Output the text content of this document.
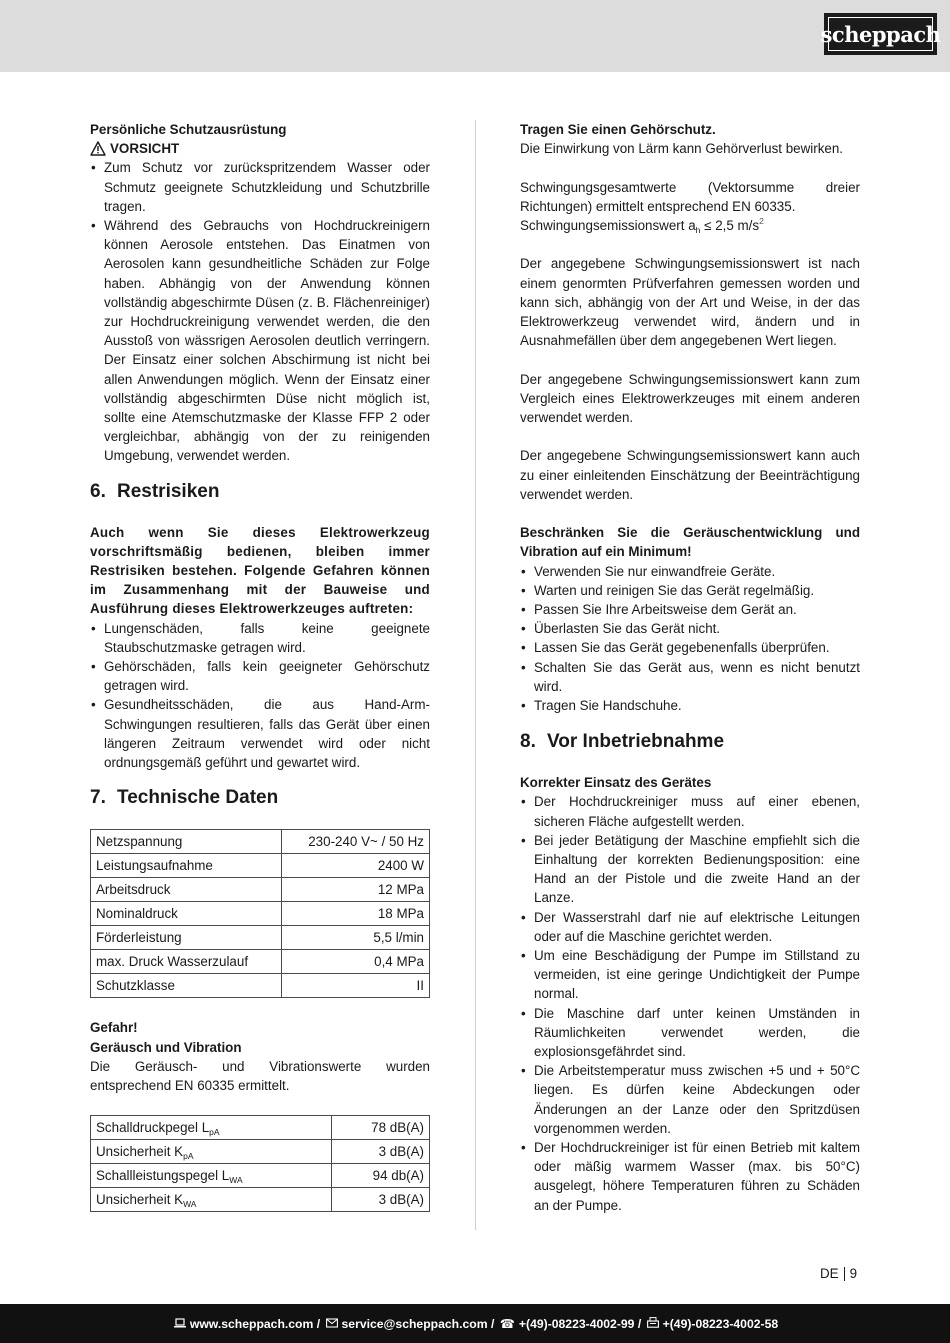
scheppach
Persönliche Schutzausrüstung
VORSICHT
• Zum Schutz vor zurückspritzendem Wasser oder Schmutz geeignete Schutzkleidung und Schutzbrille tragen.
• Während des Gebrauchs von Hochdruckreinigern können Aerosole entstehen. Das Einatmen von Aerosolen kann gesundheitliche Schäden zur Folge haben. Abhängig von der Anwendung können vollständig abgeschirmte Düsen (z. B. Flächenreiniger) zur Hochdruckreinigung verwendet werden, die den Ausstoß von wässrigen Aerosolen deutlich verringern. Der Einsatz einer solchen Abschirmung ist nicht bei allen Anwendungen möglich. Wenn der Einsatz einer vollständig abgeschirmten Düse nicht möglich ist, sollte eine Atemschutzmaske der Klasse FFP 2 oder vergleichbar, abhängig von der zu reinigenden Umgebung, verwendet werden.
6. Restrisiken

Auch wenn Sie dieses Elektrowerkzeug vorschriftsmäßig bedienen, bleiben immer Restrisiken bestehen. Folgende Gefahren können im Zusammenhang mit der Bauweise und Ausführung dieses Elektrowerkzeuges auftreten:

• Lungenschäden, falls keine geeignete Staubschutzmaske getragen wird.
• Gehörschäden, falls kein geeigneter Gehörschutz getragen wird.
• Gesundheitsschäden, die aus Hand-Arm- Schwingungen resultieren, falls das Gerät über einen längeren Zeitraum verwendet wird oder nicht ordnungsgemäß geführt und gewartet wird.
7. Technische Daten
Netzspannung	230-240 V~ / 50 Hz
Leistungsaufnahme	2400 W
Arbeitsdruck	12 MPa
Nominaldruck	18 MPa
Förderleistung	5,5 l/min
max. Druck Wasserzulauf	0,4 MPa
Schutzklasse	II
Gefahr!
Geräusch und Vibration

Die Geräusch- und Vibrationswerte wurden entsprechend EN 60335 ermittelt.

Schalldruckpegel $L_{pA}$	78 dB(A)
Unsicherheit $K_{pA}$	3 dB(A)
Schallleistungspegel $L_{WA}$	94 db(A)
Unsicherheit $K_{WA}$	3 dB(A)
Tragen Sie einen Gehörschutz.

Die Einwirkung von Lärm kann Gehörverlust bewirken.

Schwingungsgesamtwerte (Vektorsumme dreier Richtungen) ermittelt entsprechend EN 60335.

Schwingungsemissionswert $a_h \le 2,5$ $m/s^2$

Der angegebene Schwingungsemissionswert ist nach einem genormten Prüfverfahren gemessen worden und kann sich, abhängig von der Art und Weise, in der das Elektrowerkzeug verwendet wird, ändern und in Ausnahmefällen über dem angegebenen Wert liegen.

Der angegebene Schwingungsemissionswert kann zum Vergleich eines Elektrowerkzeuges mit einem anderen verwendet werden.

Der angegebene Schwingungsemissionswert kann auch zu einer einleitenden Einschätzung der Beeinträchtigung verwendet werden.

Beschränken Sie die Geräuschentwicklung und Vibration auf ein Minimum!

• Verwenden Sie nur einwandfreie Geräte.
• Warten und reinigen Sie das Gerät regelmäßig.
• Passen Sie Ihre Arbeitsweise dem Gerät an.
• Überlasten Sie das Gerät nicht.
• Lassen Sie das Gerät gegebenenfalls überprüfen.
• Schalten Sie das Gerät aus, wenn es nicht benutzt wird.
• Tragen Sie Handschuhe.
8. Vor Inbetriebnahme
Korrekter Einsatz des Gerätes
• Der Hochdruckreiniger muss auf einer ebenen, sicheren Fläche aufgestellt werden.
• Bei jeder Betätigung der Maschine empfiehlt sich die Einhaltung der korrekten Bedienungsposition: eine Hand an der Pistole und die zweite Hand an der Lanze.
• Der Wasserstrahl darf nie auf elektrische Leitungen oder auf die Maschine gerichtet werden.
• Um eine Beschädigung der Pumpe im Stillstand zu vermeiden, ist eine geringe Undichtigkeit der Pumpe normal.
• Die Maschine darf unter keinen Umständen in Räumlichkeiten verwendet werden, die explosionsgefährdet sind.
• Die Arbeitstemperatur muss zwischen +5 und + 50°C liegen. Es dürfen keine Abdeckungen oder Änderungen an der Lanze oder den Spritzdüsen vorgenommen werden.
• Der Hochdruckreiniger ist für einen Betrieb mit kaltem oder mäßig warmem Wasser (max. bis 50°C) ausgelegt, höhere Temperaturen führen zu Schäden an der Pumpe.
DE 9
www.scheppach.com
/
service@scheppach.com
/
☎ +(49)-08223-4002-99
/
+(49)-08223-4002-58
